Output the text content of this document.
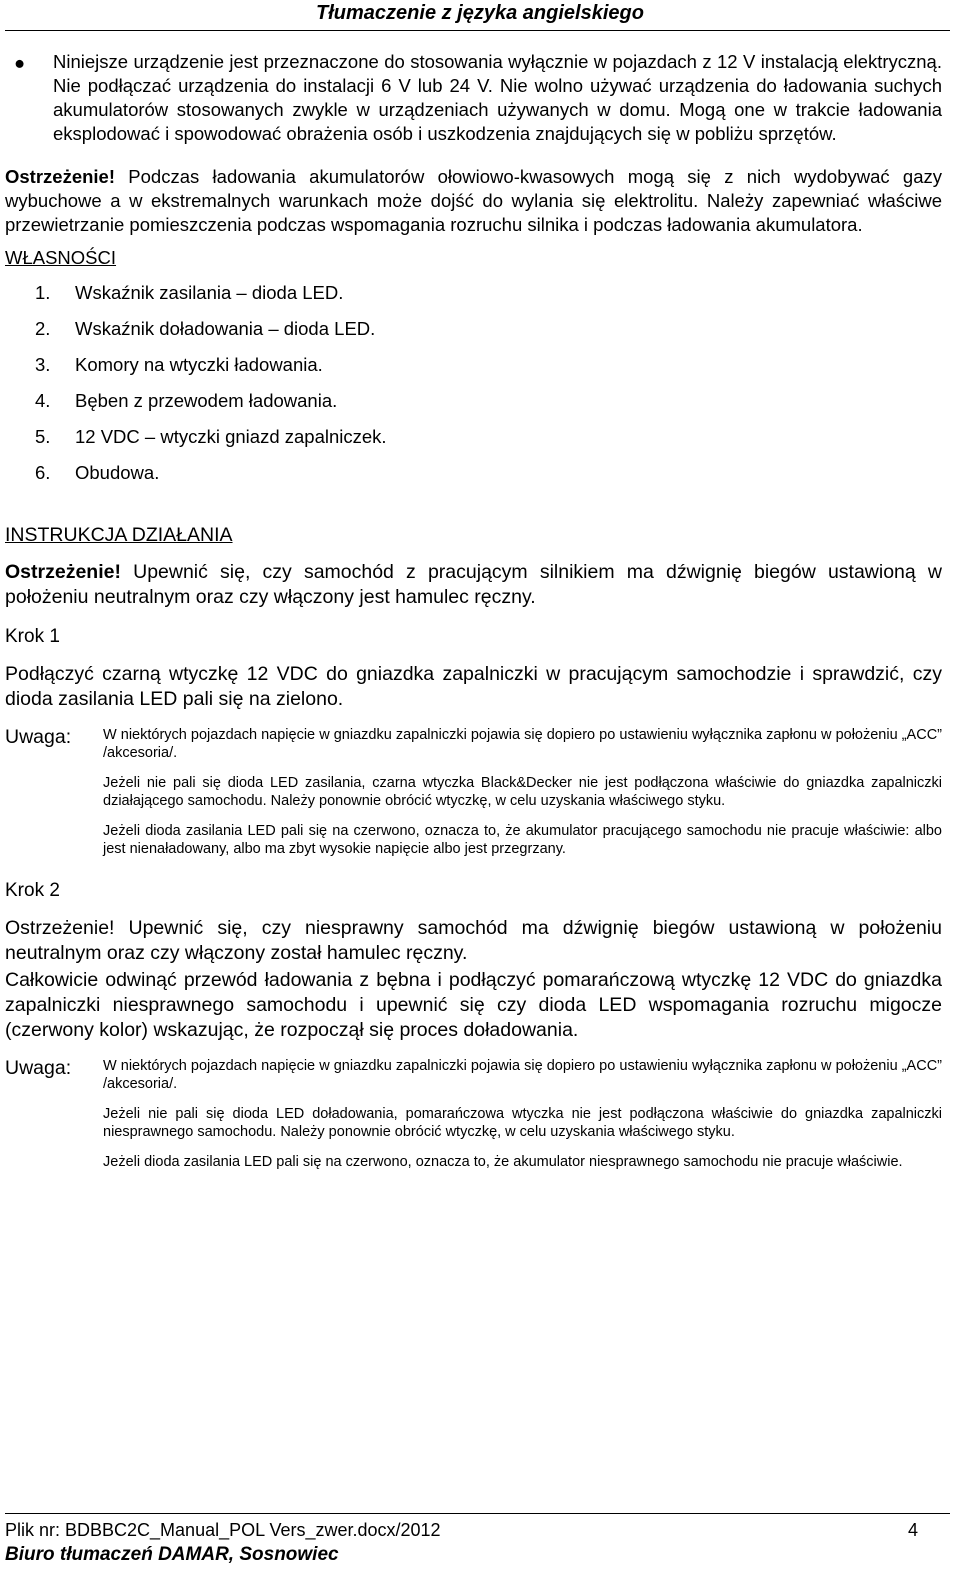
Tłumaczenie z języka angielskiego
● Niniejsze urządzenie jest przeznaczone do stosowania wyłącznie w pojazdach z 12 V instalacją elektryczną. Nie podłączać urządzenia do instalacji 6 V lub 24 V. Nie wolno używać urządzenia do ładowania suchych akumulatorów stosowanych zwykle w urządzeniach używanych w domu. Mogą one w trakcie ładowania eksplodować i spowodować obrażenia osób i uszkodzenia znajdujących się w pobliżu sprzętów.
Ostrzeżenie! Podczas ładowania akumulatorów ołowiowo-kwasowych mogą się z nich wydobywać gazy wybuchowe a w ekstremalnych warunkach może dojść do wylania się elektrolitu. Należy zapewniać właściwe przewietrzanie pomieszczenia podczas wspomagania rozruchu silnika i podczas ładowania akumulatora.
WŁASNOŚCI
1. Wskaźnik zasilania – dioda LED.
2. Wskaźnik doładowania – dioda LED.
3. Komory na wtyczki ładowania.
4. Bęben z przewodem ładowania.
5. 12 VDC – wtyczki gniazd zapalniczek.
6. Obudowa.
INSTRUKCJA DZIAŁANIA
Ostrzeżenie! Upewnić się, czy samochód z pracującym silnikiem ma dźwignię biegów ustawioną w położeniu neutralnym oraz czy włączony jest hamulec ręczny.
Krok 1
Podłączyć czarną wtyczkę 12 VDC do gniazdka zapalniczki w pracującym samochodzie i sprawdzić, czy dioda zasilania LED pali się na zielono.
Uwaga:	W niektórych pojazdach napięcie w gniazdku zapalniczki pojawia się dopiero po ustawieniu wyłącznika zapłonu w położeniu „ACC” /akcesoria/.

Jeżeli nie pali się dioda LED zasilania, czarna wtyczka Black&Decker nie jest podłączona właściwie do gniazdka zapalniczki działającego samochodu. Należy ponownie obrócić wtyczkę, w celu uzyskania właściwego styku.

Jeżeli dioda zasilania LED pali się na czerwono, oznacza to, że akumulator pracującego samochodu nie pracuje właściwie: albo jest nienaładowany, albo ma zbyt wysokie napięcie albo jest przegrzany.

Krok 2
Ostrzeżenie! Upewnić się, czy niesprawny samochód ma dźwignię biegów ustawioną w położeniu neutralnym oraz czy włączony został hamulec ręczny.
Całkowicie odwinąć przewód ładowania z bębna i podłączyć pomarańczową wtyczkę 12 VDC do gniazdka zapalniczki niesprawnego samochodu i upewnić się czy dioda LED wspomagania rozruchu migocze (czerwony kolor) wskazując, że rozpoczął się proces doładowania.
Uwaga:	W niektórych pojazdach napięcie w gniazdku zapalniczki pojawia się dopiero po ustawieniu wyłącznika zapłonu w położeniu „ACC” /akcesoria/.

Jeżeli nie pali się dioda LED doładowania, pomarańczowa wtyczka nie jest podłączona właściwie do gniazdka zapalniczki niesprawnego samochodu. Należy ponownie obrócić wtyczkę, w celu uzyskania właściwego styku.

Jeżeli dioda zasilania LED pali się na czerwono, oznacza to, że akumulator niesprawnego samochodu nie pracuje właściwie.

Plik nr: BDBBC2C_Manual_POL Vers_zwer.docx/2012	4
Biuro tłumaczeń DAMAR, Sosnowiec
